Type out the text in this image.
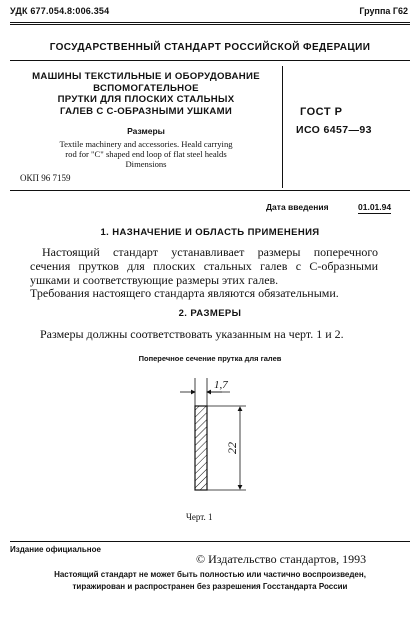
УДК 677.054.8:006.354	Группа Г62
ГОСУДАРСТВЕННЫЙ СТАНДАРТ РОССИЙСКОЙ ФЕДЕРАЦИИ
МАШИНЫ ТЕКСТИЛЬНЫЕ И ОБОРУДОВАНИЕ
ВСПОМОГАТЕЛЬНОЕ
ПРУТКИ ДЛЯ ПЛОСКИХ СТАЛЬНЫХ
ГАЛЕВ С С-ОБРАЗНЫМИ УШКАМИ
Размеры
Textile machinery and accessories. Heald carrying
rod for "C" shaped end loop of flat steel healds
Dimensions
ОКП 96 7159
ГОСТ Р
ИСО 6457—93
Дата введения	01.01.94
1. НАЗНАЧЕНИЕ И ОБЛАСТЬ ПРИМЕНЕНИЯ
Настоящий стандарт устанавливает размеры поперечного сечения прутков для плоских стальных галев с С-образными ушками и соответствующие размеры этих галев.
Требования настоящего стандарта являются обязательными.
2. РАЗМЕРЫ
Размеры должны соответствовать указанным на черт. 1 и 2.
Поперечное сечение прутка для галев
1,7
22
Черт. 1
Издание официальное
© Издательство стандартов, 1993
Настоящий стандарт не может быть полностью или частично воспроизведен,
тиражирован и распространен без разрешения Госстандарта России
